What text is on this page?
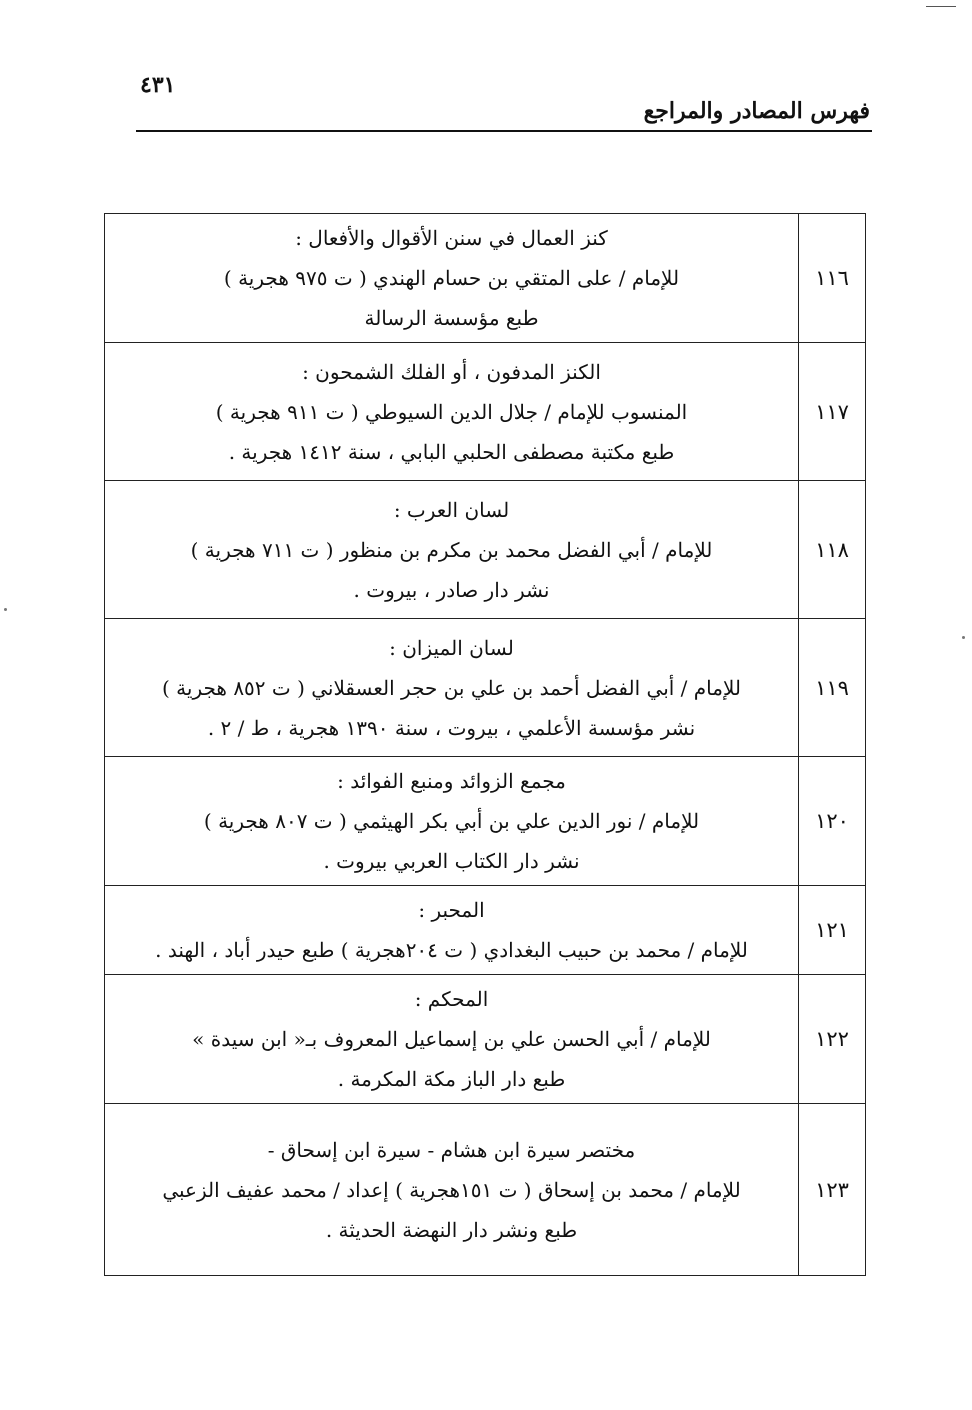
٤٣١
فهرس المصادر والمراجع
١١٦	كنز العمال في سنن الأقوال والأفعال :
للإمام / على المتقي بن حسام الهندي ( ت ٩٧٥ هجرية )
طبع مؤسسة الرسالة

١١٧	الكنز المدفون ، أو الفلك الشمحون :
المنسوب للإمام / جلال الدين السيوطي ( ت ٩١١ هجرية )
طبع مكتبة مصطفى الحلبي البابي ، سنة ١٤١٢ هجرية .

١١٨	لسان العرب :
للإمام / أبي الفضل محمد بن مكرم بن منظور ( ت ٧١١ هجرية )
نشر دار صادر ، بيروت .

١١٩	لسان الميزان :
للإمام / أبي الفضل أحمد بن علي بن حجر العسقلاني ( ت ٨٥٢ هجرية )
نشر مؤسسة الأعلمي ، بيروت ، سنة ١٣٩٠ هجرية ، ط / ٢ .

١٢٠	مجمع الزوائد ومنبع الفوائد :
للإمام / نور الدين علي بن أبي بكر الهيثمي ( ت ٨٠٧ هجرية )
نشر دار الكتاب العربي بيروت .

١٢١	المحبر :
للإمام / محمد بن حبيب البغدادي ( ت ٢٠٤هجرية ) طبع حيدر أباد ، الهند .

١٢٢	المحكم :
للإمام / أبي الحسن علي بن إسماعيل المعروف بـ« ابن سيدة »
طبع دار الباز مكة المكرمة .

١٢٣	مختصر سيرة ابن هشام - سيرة ابن إسحاق -
للإمام / محمد بن إسحاق ( ت ١٥١هجرية ) إعداد / محمد عفيف الزعبي
طبع ونشر دار النهضة الحديثة .
